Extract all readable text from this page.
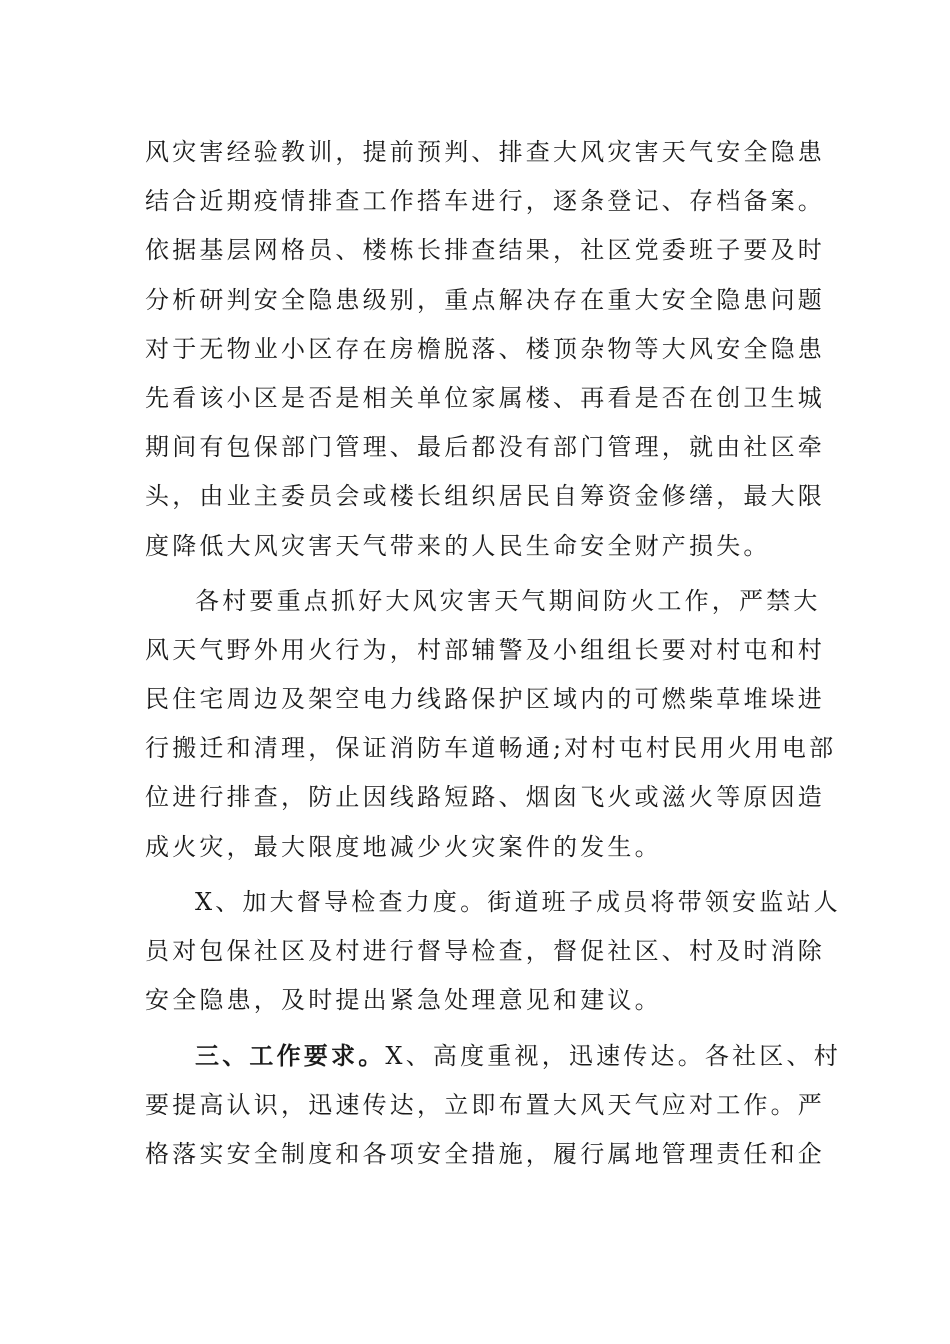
风灾害经验教训，提前预判、排查大风灾害天气安全隐患
结合近期疫情排查工作搭车进行，逐条登记、存档备案。
依据基层网格员、楼栋长排查结果，社区党委班子要及时
分析研判安全隐患级别，重点解决存在重大安全隐患问题
对于无物业小区存在房檐脱落、楼顶杂物等大风安全隐患
先看该小区是否是相关单位家属楼、再看是否在创卫生城
期间有包保部门管理、最后都没有部门管理，就由社区牵
头，由业主委员会或楼长组织居民自筹资金修缮，最大限
度降低大风灾害天气带来的人民生命安全财产损失。
各村要重点抓好大风灾害天气期间防火工作，严禁大
风天气野外用火行为，村部辅警及小组组长要对村屯和村
民住宅周边及架空电力线路保护区域内的可燃柴草堆垛进
行搬迁和清理，保证消防车道畅通;对村屯村民用火用电部
位进行排查，防止因线路短路、烟囱飞火或滋火等原因造
成火灾，最大限度地减少火灾案件的发生。
X、加大督导检查力度。街道班子成员将带领安监站人
员对包保社区及村进行督导检查，督促社区、村及时消除
安全隐患，及时提出紧急处理意见和建议。
三、工作要求。X、高度重视，迅速传达。各社区、村
要提高认识，迅速传达，立即布置大风天气应对工作。严
格落实安全制度和各项安全措施，履行属地管理责任和企
